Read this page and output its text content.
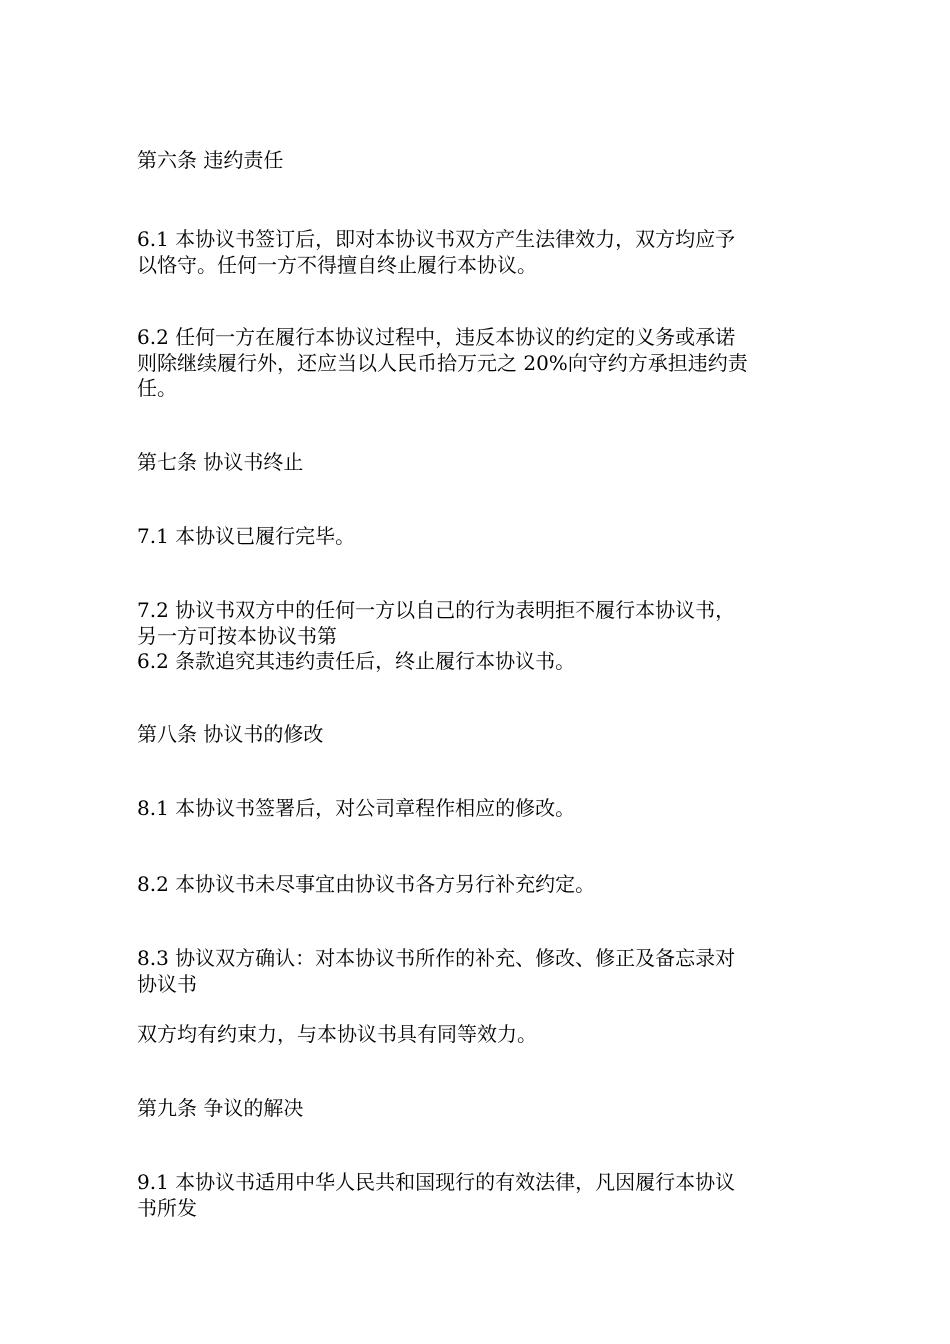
第六条 违约责任
6.1 本协议书签订后，即对本协议书双方产生法律效力，双方均应予
以恪守。任何一方不得擅自终止履行本协议。
6.2 任何一方在履行本协议过程中，违反本协议的约定的义务或承诺
则除继续履行外，还应当以人民币拾万元之 20%向守约方承担违约责
任。
第七条 协议书终止
7.1 本协议已履行完毕。
7.2 协议书双方中的任何一方以自己的行为表明拒不履行本协议书，
另一方可按本协议书第
6.2 条款追究其违约责任后，终止履行本协议书。
第八条 协议书的修改
8.1 本协议书签署后，对公司章程作相应的修改。
8.2 本协议书未尽事宜由协议书各方另行补充约定。
8.3 协议双方确认：对本协议书所作的补充、修改、修正及备忘录对
协议书
双方均有约束力，与本协议书具有同等效力。
第九条 争议的解决
9.1 本协议书适用中华人民共和国现行的有效法律，凡因履行本协议
书所发
